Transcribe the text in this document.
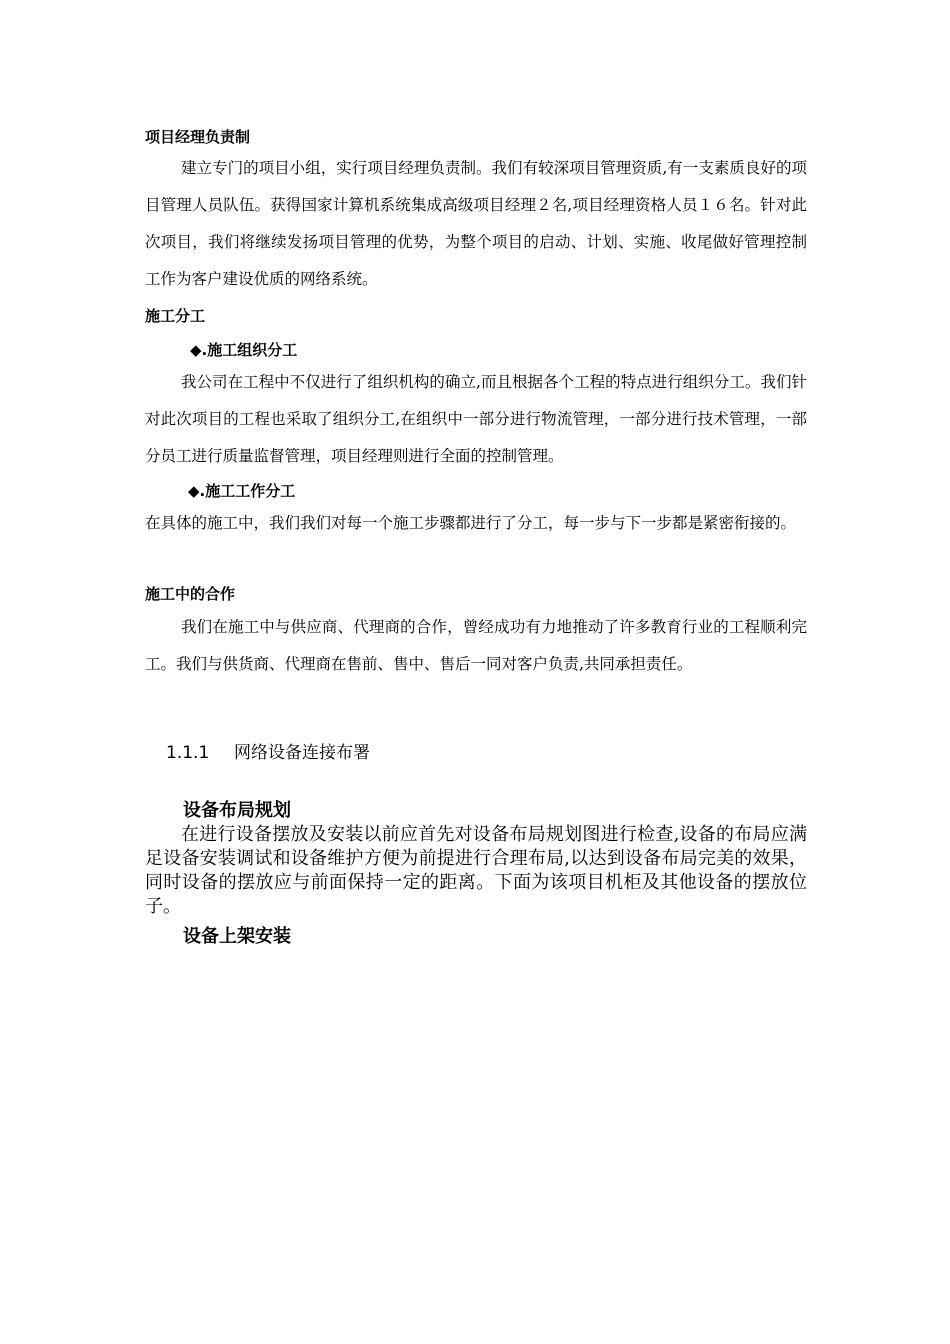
项目经理负责制

建立专门的项目小组，实行项目经理负责制。我们有较深项目管理资质,有一支素质良好的项目管理人员队伍。获得国家计算机系统集成高级项目经理２名,项目经理资格人员１６名。针对此次项目，我们将继续发扬项目管理的优势，为整个项目的启动、计划、实施、收尾做好管理控制工作为客户建设优质的网络系统。

施工分工
◆.施工组织分工

我公司在工程中不仅进行了组织机构的确立,而且根据各个工程的特点进行组织分工。我们针对此次项目的工程也采取了组织分工,在组织中一部分进行物流管理，一部分进行技术管理，一部分员工进行质量监督管理，项目经理则进行全面的控制管理。

◆.施工工作分工

在具体的施工中，我们我们对每一个施工步骤都进行了分工，每一步与下一步都是紧密衔接的。

施工中的合作

我们在施工中与供应商、代理商的合作，曾经成功有力地推动了许多教育行业的工程顺利完工。我们与供货商、代理商在售前、售中、售后一同对客户负责,共同承担责任。

1.1.1 网络设备连接布署
设备布局规划

在进行设备摆放及安装以前应首先对设备布局规划图进行检查,设备的布局应满足设备安装调试和设备维护方便为前提进行合理布局,以达到设备布局完美的效果，同时设备的摆放应与前面保持一定的距离。下面为该项目机柜及其他设备的摆放位子。

设备上架安装
